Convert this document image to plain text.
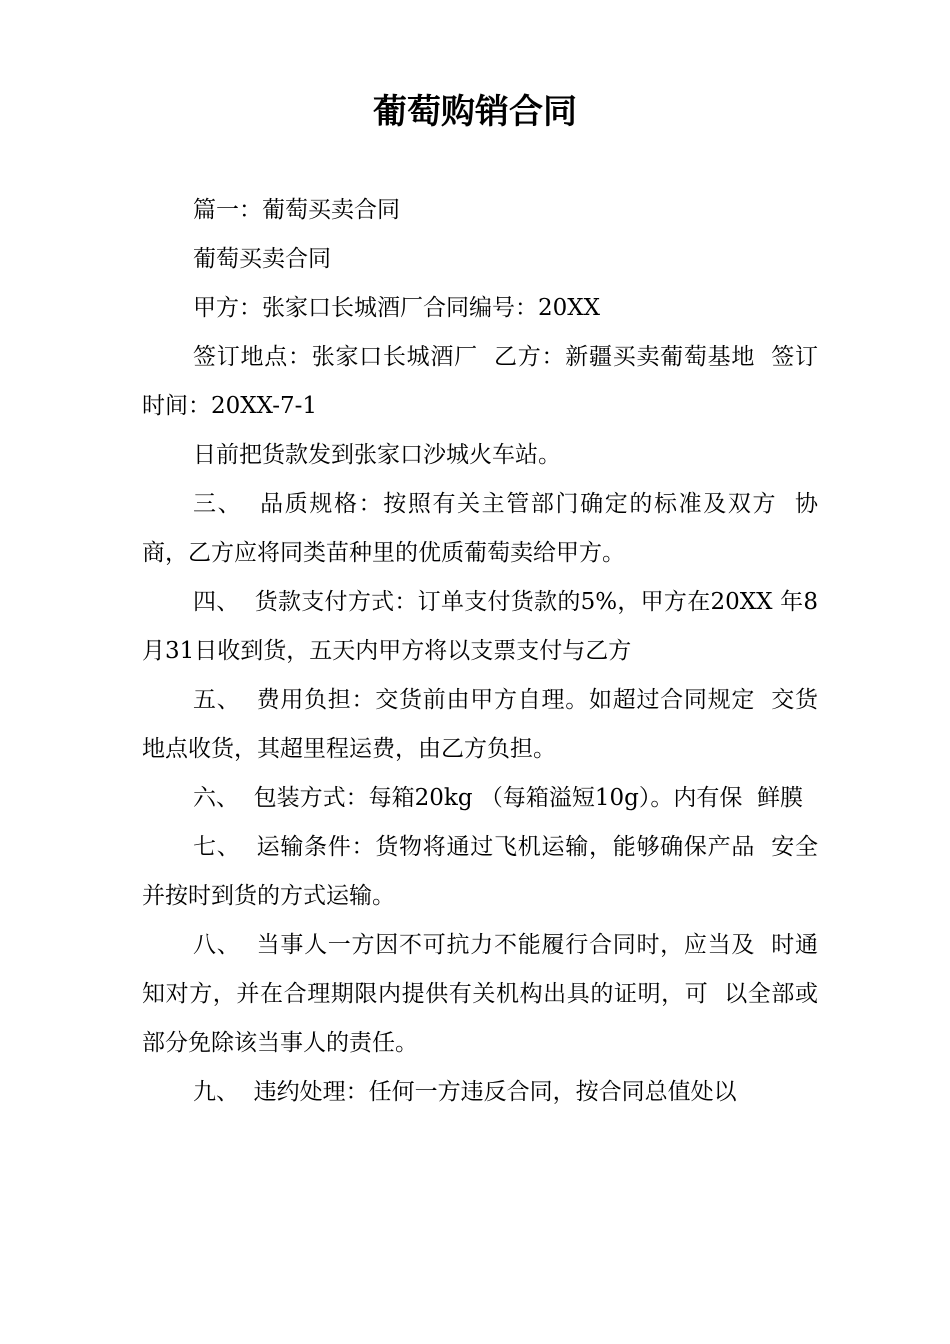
葡萄购销合同

篇一：葡萄买卖合同

葡萄买卖合同

甲方：张家口长城酒厂合同编号：20XX

签订地点：张家口长城酒厂  乙方：新疆买卖葡萄基地  签订时间：20XX-7-1

日前把货款发到张家口沙城火车站。

三、  品质规格：按照有关主管部门确定的标准及双方  协商，乙方应将同类苗种里的优质葡萄卖给甲方。

四、  货款支付方式：订单支付货款的5%，甲方在20XX 年8月31日收到货，五天内甲方将以支票支付与乙方

五、  费用负担：交货前由甲方自理。如超过合同规定  交货地点收货，其超里程运费，由乙方负担。

六、  包装方式：每箱20kg （每箱溢短10g）。内有保  鲜膜

七、  运输条件：货物将通过飞机运输，能够确保产品  安全并按时到货的方式运输。

八、  当事人一方因不可抗力不能履行合同时，应当及  时通知对方，并在合理期限内提供有关机构出具的证明，可  以全部或部分免除该当事人的责任。

九、  违约处理：任何一方违反合同，按合同总值处以
